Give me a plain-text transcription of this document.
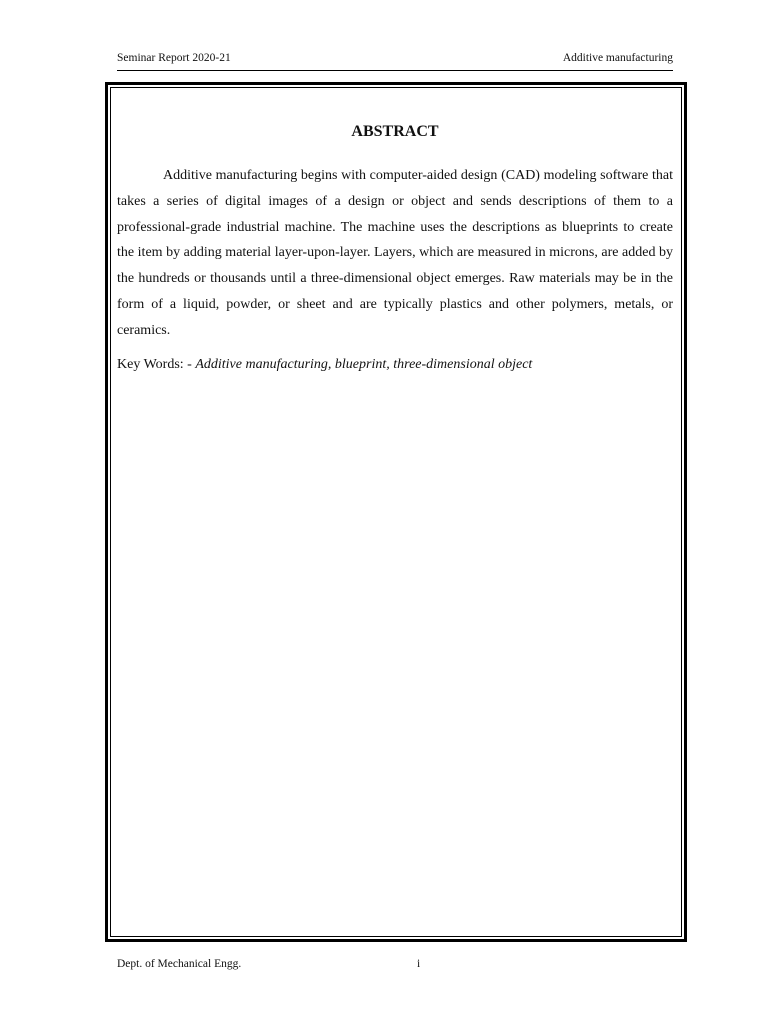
Seminar Report 2020-21	Additive manufacturing
ABSTRACT

Additive manufacturing begins with computer-aided design (CAD) modeling software that takes a series of digital images of a design or object and sends descriptions of them to a professional-grade industrial machine. The machine uses the descriptions as blueprints to create the item by adding material layer-upon-layer. Layers, which are measured in microns, are added by the hundreds or thousands until a three-dimensional object emerges. Raw materials may be in the form of a liquid, powder, or sheet and are typically plastics and other polymers, metals, or ceramics.

Key Words: - Additive manufacturing, blueprint, three-dimensional object

Dept. of Mechanical Engg.	i
